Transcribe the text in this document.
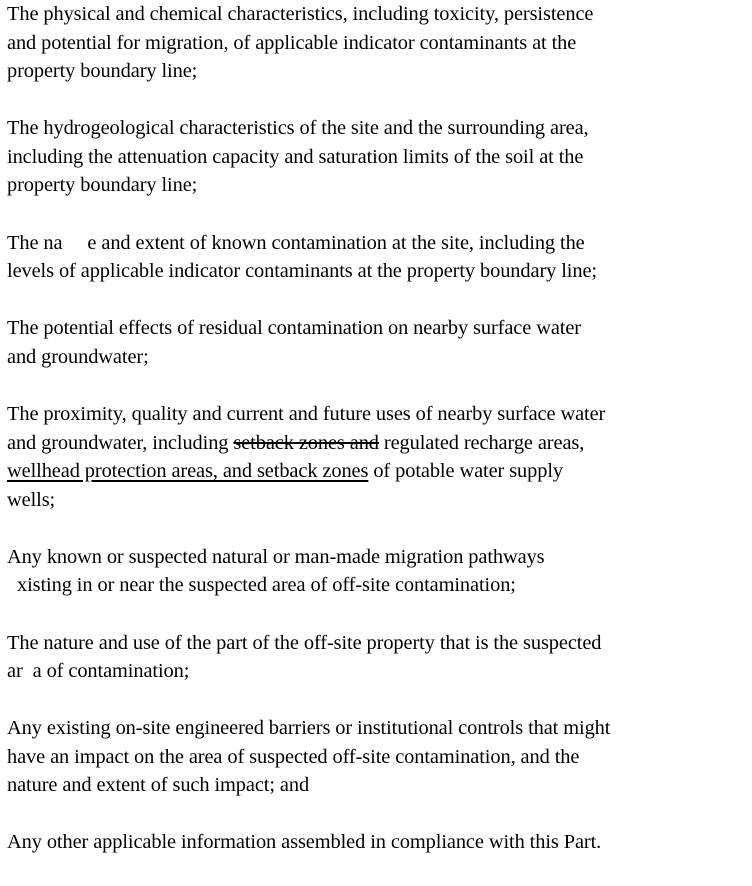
The physical and chemical characteristics, including toxicity, persistence
and potential for migration, of applicable indicator contaminants at the
property boundary line;

The hydrogeological characteristics of the site and the surrounding area,
including the attenuation capacity and saturation limits of the soil at the
property boundary line;

The na     e and extent of known contamination at the site, including the
levels of applicable indicator contaminants at the property boundary line;

The potential effects of residual contamination on nearby surface water
and groundwater;

The proximity, quality and current and future uses of nearby surface water
and groundwater, including setback zones and regulated recharge areas,
wellhead protection areas, and setback zones of potable water supply
wells;

Any known or suspected natural or man-made migration pathways
xisting in or near the suspected area of off-site contamination;

The nature and use of the part of the off-site property that is the suspected
ar  a of contamination;

Any existing on-site engineered barriers or institutional controls that might
have an impact on the area of suspected off-site contamination, and the
nature and extent of such impact; and

Any other applicable information assembled in compliance with this Part.
